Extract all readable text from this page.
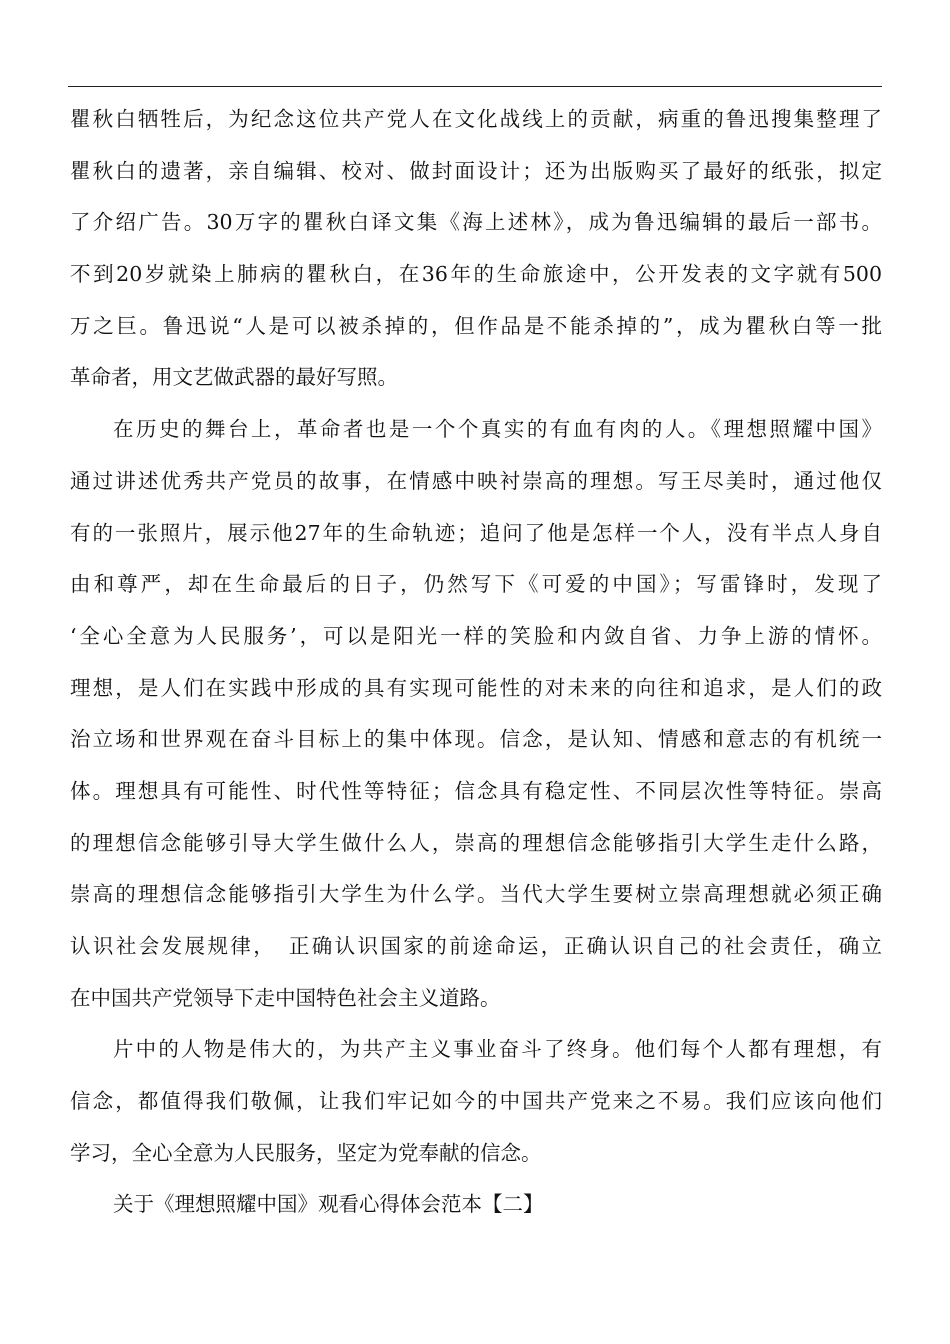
瞿秋白牺牲后，为纪念这位共产党人在文化战线上的贡献，病重的鲁迅搜集整理了
瞿秋白的遗著，亲自编辑、校对、做封面设计；还为出版购买了最好的纸张，拟定
了介绍广告。30万字的瞿秋白译文集《海上述林》，成为鲁迅编辑的最后一部书。
不到20岁就染上肺病的瞿秋白，在36年的生命旅途中，公开发表的文字就有500
万之巨。鲁迅说“人是可以被杀掉的，但作品是不能杀掉的”，成为瞿秋白等一批
革命者，用文艺做武器的最好写照。
在历史的舞台上，革命者也是一个个真实的有血有肉的人。《理想照耀中国》
通过讲述优秀共产党员的故事，在情感中映衬崇高的理想。写王尽美时，通过他仅
有的一张照片，展示他27年的生命轨迹；追问了他是怎样一个人，没有半点人身自
由和尊严，却在生命最后的日子，仍然写下《可爱的中国》；写雷锋时，发现了
‘全心全意为人民服务’，可以是阳光一样的笑脸和内敛自省、力争上游的情怀。
理想，是人们在实践中形成的具有实现可能性的对未来的向往和追求，是人们的政
治立场和世界观在奋斗目标上的集中体现。信念，是认知、情感和意志的有机统一
体。理想具有可能性、时代性等特征；信念具有稳定性、不同层次性等特征。崇高
的理想信念能够引导大学生做什么人，崇高的理想信念能够指引大学生走什么路，
崇高的理想信念能够指引大学生为什么学。当代大学生要树立崇高理想就必须正确
认识社会发展规律，　正确认识国家的前途命运，正确认识自己的社会责任，确立
在中国共产党领导下走中国特色社会主义道路。
片中的人物是伟大的，为共产主义事业奋斗了终身。他们每个人都有理想，有
信念，都值得我们敬佩，让我们牢记如今的中国共产党来之不易。我们应该向他们
学习，全心全意为人民服务，坚定为党奉献的信念。
关于《理想照耀中国》观看心得体会范本【二】
